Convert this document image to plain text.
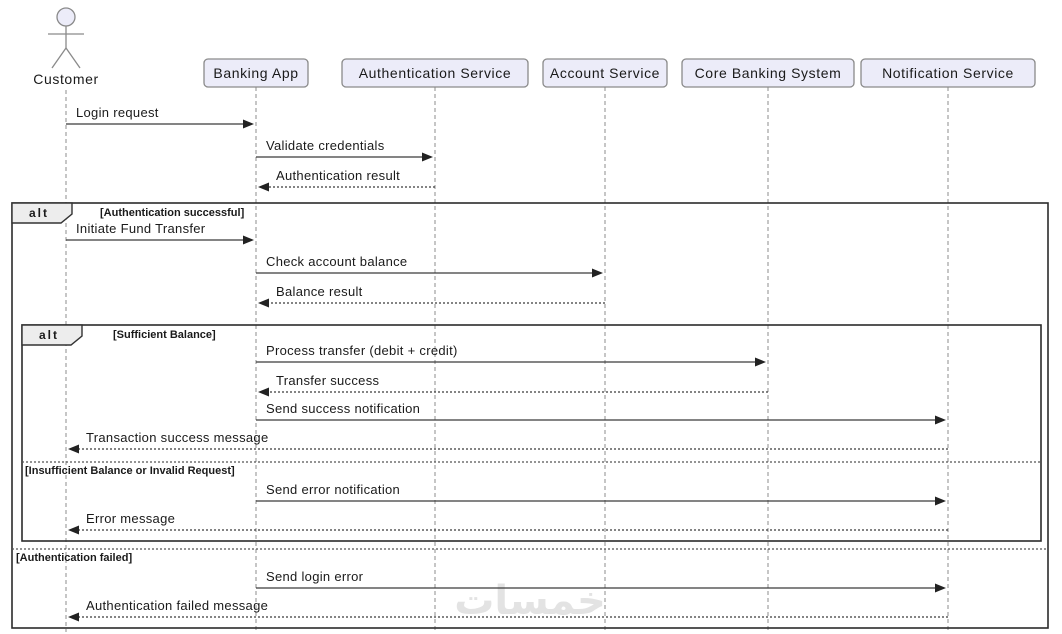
خمسات
alt	[Authentication successful]
[Authentication failed]
alt	[Sufficient Balance]
[Insufficient Balance or Invalid Request]
Login request
Validate credentials
Authentication result
Initiate Fund Transfer
Check account balance
Balance result
Process transfer (debit + credit)
Transfer success
Send success notification
Transaction success message
Send error notification
Error message
Send login error
Authentication failed message
Customer	Banking App	Authentication Service	Account Service Core Banking System	Notification Service
